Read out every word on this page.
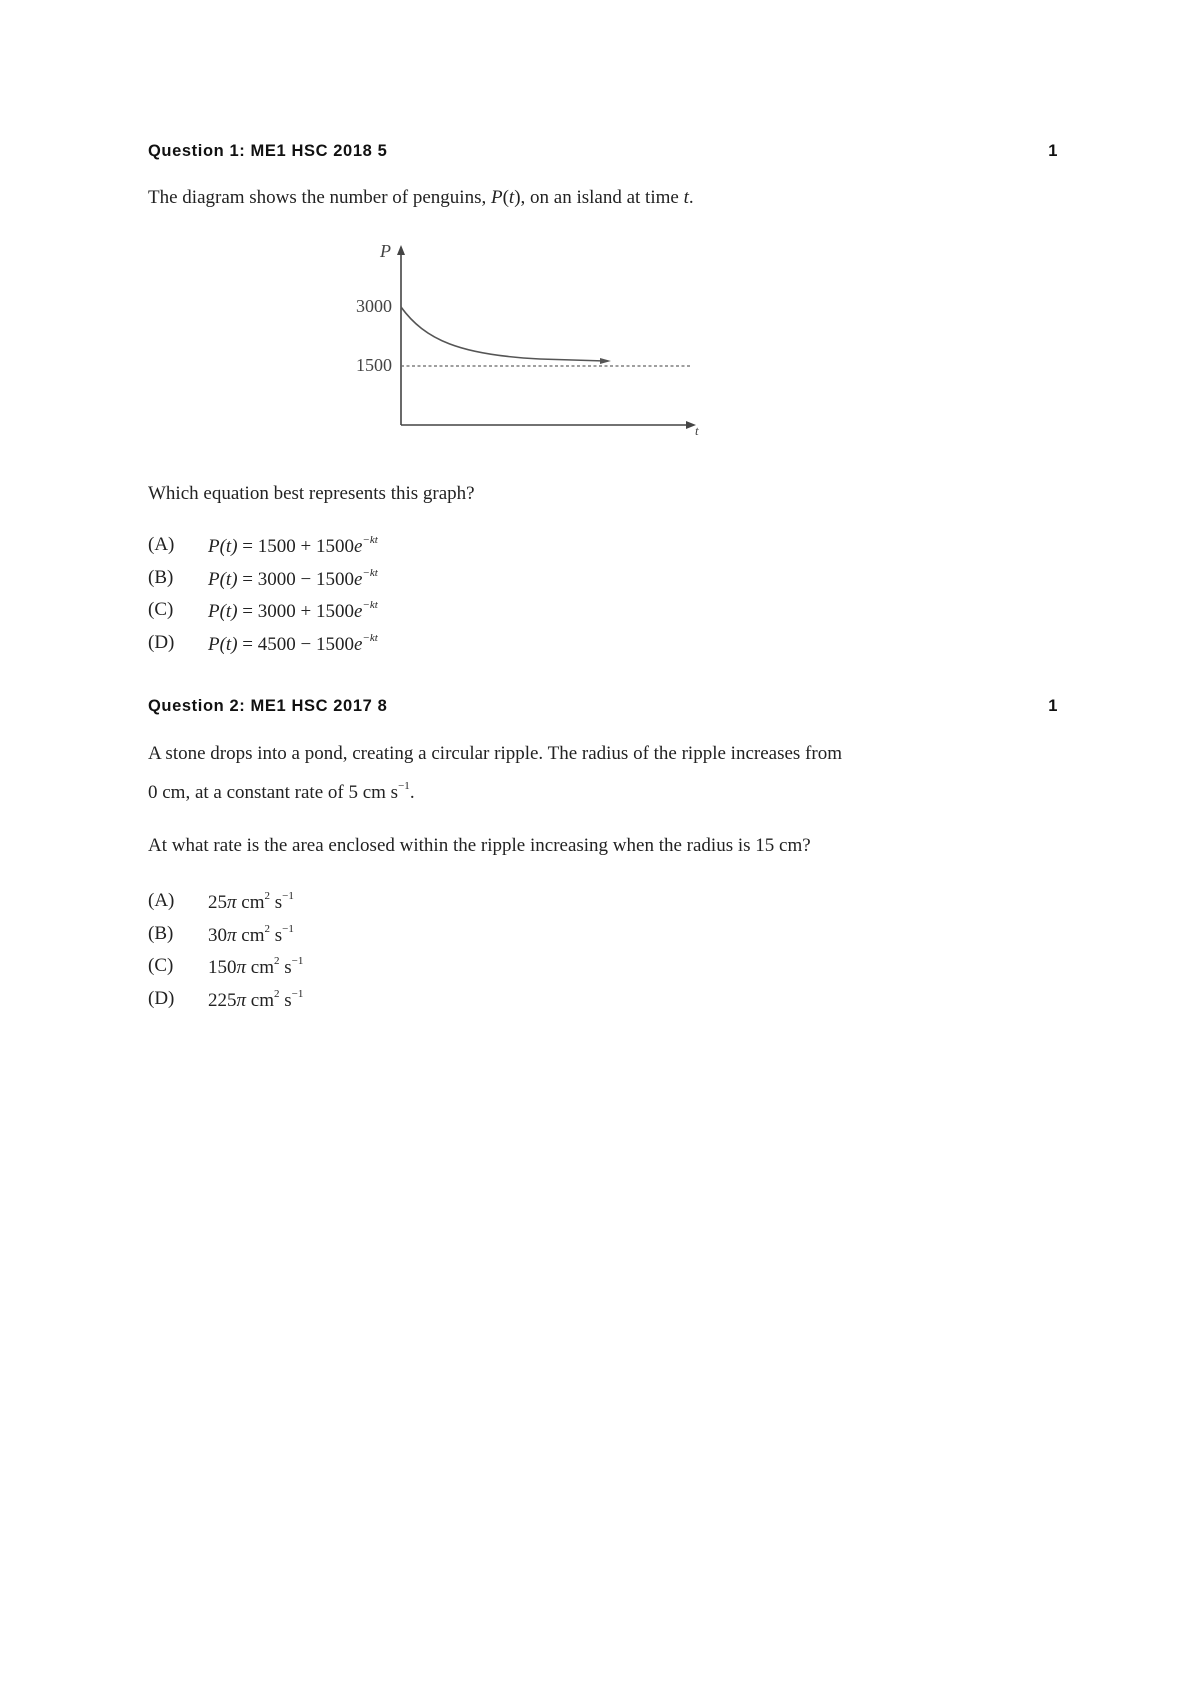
Question 1: ME1 HSC 2018 5	1
The diagram shows the number of penguins, P(t), on an island at time t.
P
t
3000
1500
Which equation best represents this graph?
(A) $P(t) = 1500 + 1500e^{-kt}$
(B) $P(t) = 3000 - 1500e^{-kt}$
(C) $P(t) = 3000 + 1500e^{-kt}$
(D) $P(t) = 4500 - 1500e^{-kt}$
Question 2: ME1 HSC 2017 8	1
A stone drops into a pond, creating a circular ripple. The radius of the ripple increases from
0 cm, at a constant rate of 5 cm $s^{-1}$.
At what rate is the area enclosed within the ripple increasing when the radius is 15 cm?
(A) 25π $cm^2$ $s^{-1}$
(B) 30π $cm^2$ $s^{-1}$
(C) 150π $cm^2$ $s^{-1}$
(D) 225π $cm^2$ $s^{-1}$
